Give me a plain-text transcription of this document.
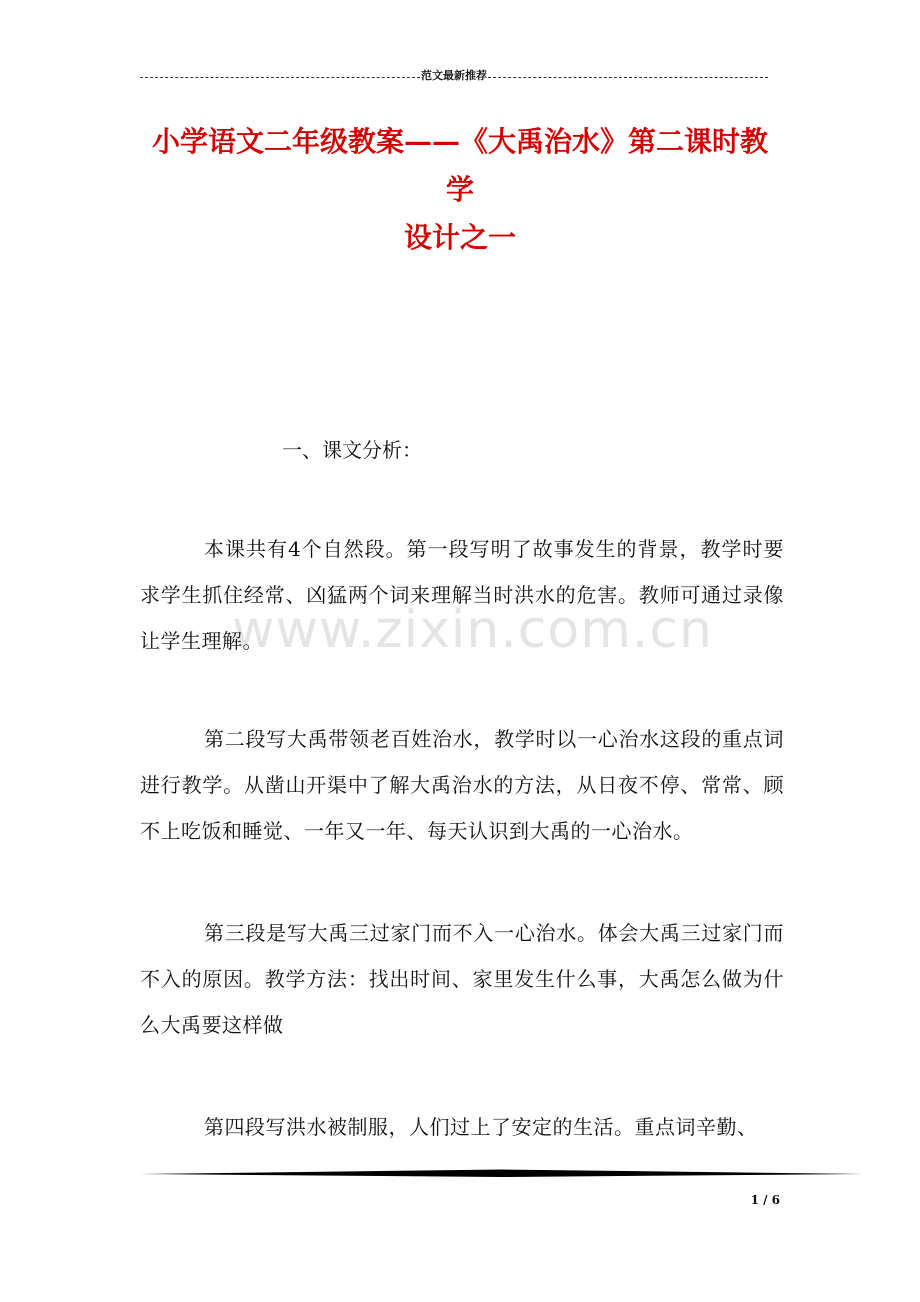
范文最新推荐
小学语文二年级教案——《大禹治水》第二课时教学
设计之一
一、课文分析：
本课共有4个自然段。第一段写明了故事发生的背景，教学时要求学生抓住经常、凶猛两个词来理解当时洪水的危害。教师可通过录像让学生理解。
第二段写大禹带领老百姓治水，教学时以一心治水这段的重点词进行教学。从凿山开渠中了解大禹治水的方法，从日夜不停、常常、顾不上吃饭和睡觉、一年又一年、每天认识到大禹的一心治水。
第三段是写大禹三过家门而不入一心治水。体会大禹三过家门而不入的原因。教学方法：找出时间、家里发生什么事，大禹怎么做为什么大禹要这样做
第四段写洪水被制服，人们过上了安定的生活。重点词辛勤、
www.zixin.com.cn
1 / 6
